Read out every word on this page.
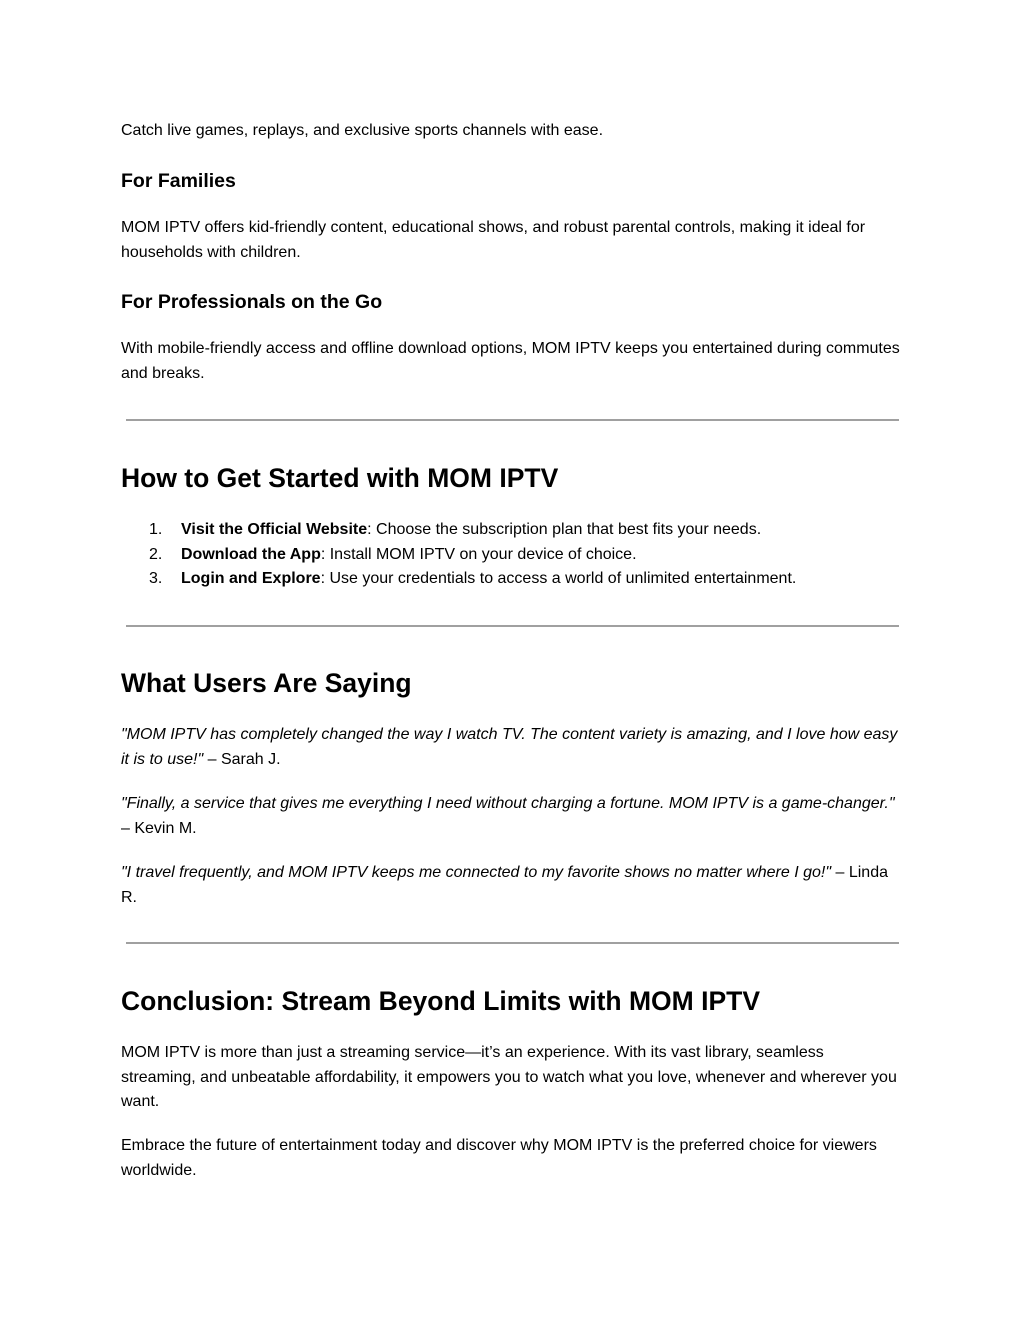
Catch live games, replays, and exclusive sports channels with ease.

For Families

MOM IPTV offers kid-friendly content, educational shows, and robust parental controls, making it ideal for households with children.

For Professionals on the Go

With mobile-friendly access and offline download options, MOM IPTV keeps you entertained during commutes and breaks.

How to Get Started with MOM IPTV
1. Visit the Official Website: Choose the subscription plan that best fits your needs.
2. Download the App: Install MOM IPTV on your device of choice.
3. Login and Explore: Use your credentials to access a world of unlimited entertainment.
What Users Are Saying

"MOM IPTV has completely changed the way I watch TV. The content variety is amazing, and I love how easy it is to use!" – Sarah J.

"Finally, a service that gives me everything I need without charging a fortune. MOM IPTV is a game-changer." – Kevin M.

"I travel frequently, and MOM IPTV keeps me connected to my favorite shows no matter where I go!" – Linda R.

Conclusion: Stream Beyond Limits with MOM IPTV

MOM IPTV is more than just a streaming service—it’s an experience. With its vast library, seamless streaming, and unbeatable affordability, it empowers you to watch what you love, whenever and wherever you want.

Embrace the future of entertainment today and discover why MOM IPTV is the preferred choice for viewers worldwide.
